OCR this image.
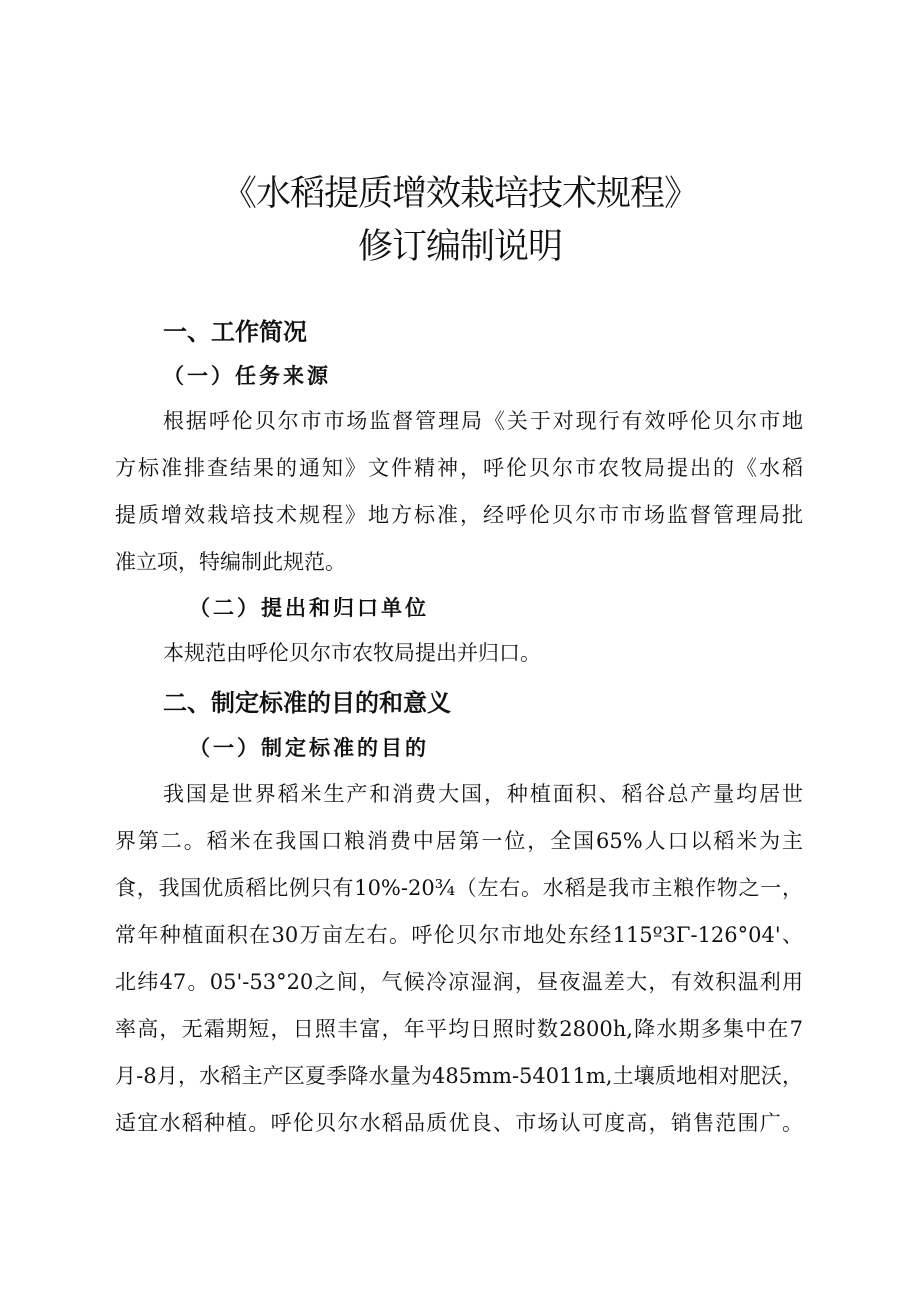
《水稻提质增效栽培技术规程》
修订编制说明
一、工作简况
（一）任务来源

根据呼伦贝尔市市场监督管理局《关于对现行有效呼伦贝尔市地

方标准排查结果的通知》文件精神，呼伦贝尔市农牧局提出的《水稻

提质增效栽培技术规程》地方标准，经呼伦贝尔市市场监督管理局批

准立项，特编制此规范。

（二）提出和归口单位

本规范由呼伦贝尔市农牧局提出并归口。

二、制定标准的目的和意义
（一）制定标准的目的

我国是世界稻米生产和消费大国，种植面积、稻谷总产量均居世

界第二。稻米在我国口粮消费中居第一位，全国65%人口以稻米为主

食，我国优质稻比例只有10%-20¾（左右。水稻是我市主粮作物之一，

常年种植面积在30万亩左右。呼伦贝尔市地处东经115º3Γ-126°04'、

北纬47。05'-53°20之间，气候冷凉湿润，昼夜温差大，有效积温利用

率高，无霜期短，日照丰富，年平均日照时数2800h,降水期多集中在7

月-8月，水稻主产区夏季降水量为485mm-54011m,土壤质地相对肥沃，

适宜水稻种植。呼伦贝尔水稻品质优良、市场认可度高，销售范围广。
